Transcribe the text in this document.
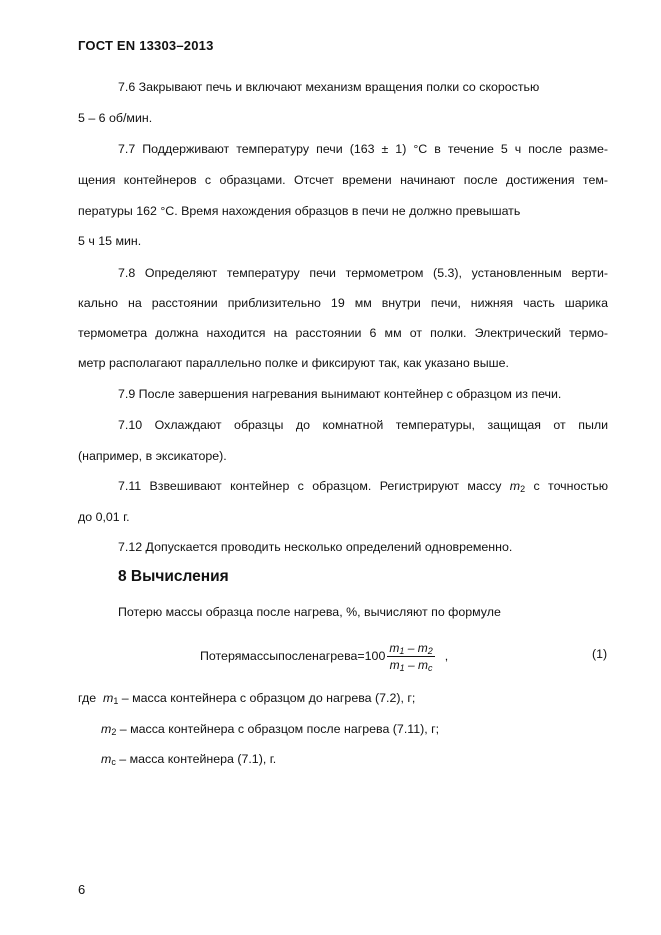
ГОСТ EN 13303–2013
7.6 Закрывают печь и включают механизм вращения полки со скоростью
5 – 6 об/мин.
7.7 Поддерживают температуру печи (163 ± 1) °С в течение 5 ч после разме-
щения контейнеров с образцами. Отсчет времени начинают после достижения тем-
пературы 162 °С. Время нахождения образцов в печи не должно превышать
5 ч 15 мин.
7.8 Определяют температуру печи термометром (5.3), установленным верти-
кально на расстоянии приблизительно 19 мм внутри печи, нижняя часть шарика
термометра должна находится на расстоянии 6 мм от полки. Электрический термо-
метр располагают параллельно полке и фиксируют так, как указано выше.
7.9 После завершения нагревания вынимают контейнер с образцом из печи.
7.10 Охлаждают образцы до комнатной температуры, защищая от пыли
(например, в эксикаторе).
7.11 Взвешивают контейнер с образцом. Регистрируют массу $m_2$ с точностью
до 0,01 г.
7.12 Допускается проводить несколько определений одновременно.
8 Вычисления
Потерю массы образца после нагрева, %, вычисляют по формуле
Потерямассыпосленагрева= $100 \frac{m_1 - m_2}{m_1 - m_c}$ ,	(1)
где $m_1$ – масса контейнера с образцом до нагрева (7.2), г;
$m_2$ – масса контейнера с образцом после нагрева (7.11), г;
$m_c$ – масса контейнера (7.1), г.
6
